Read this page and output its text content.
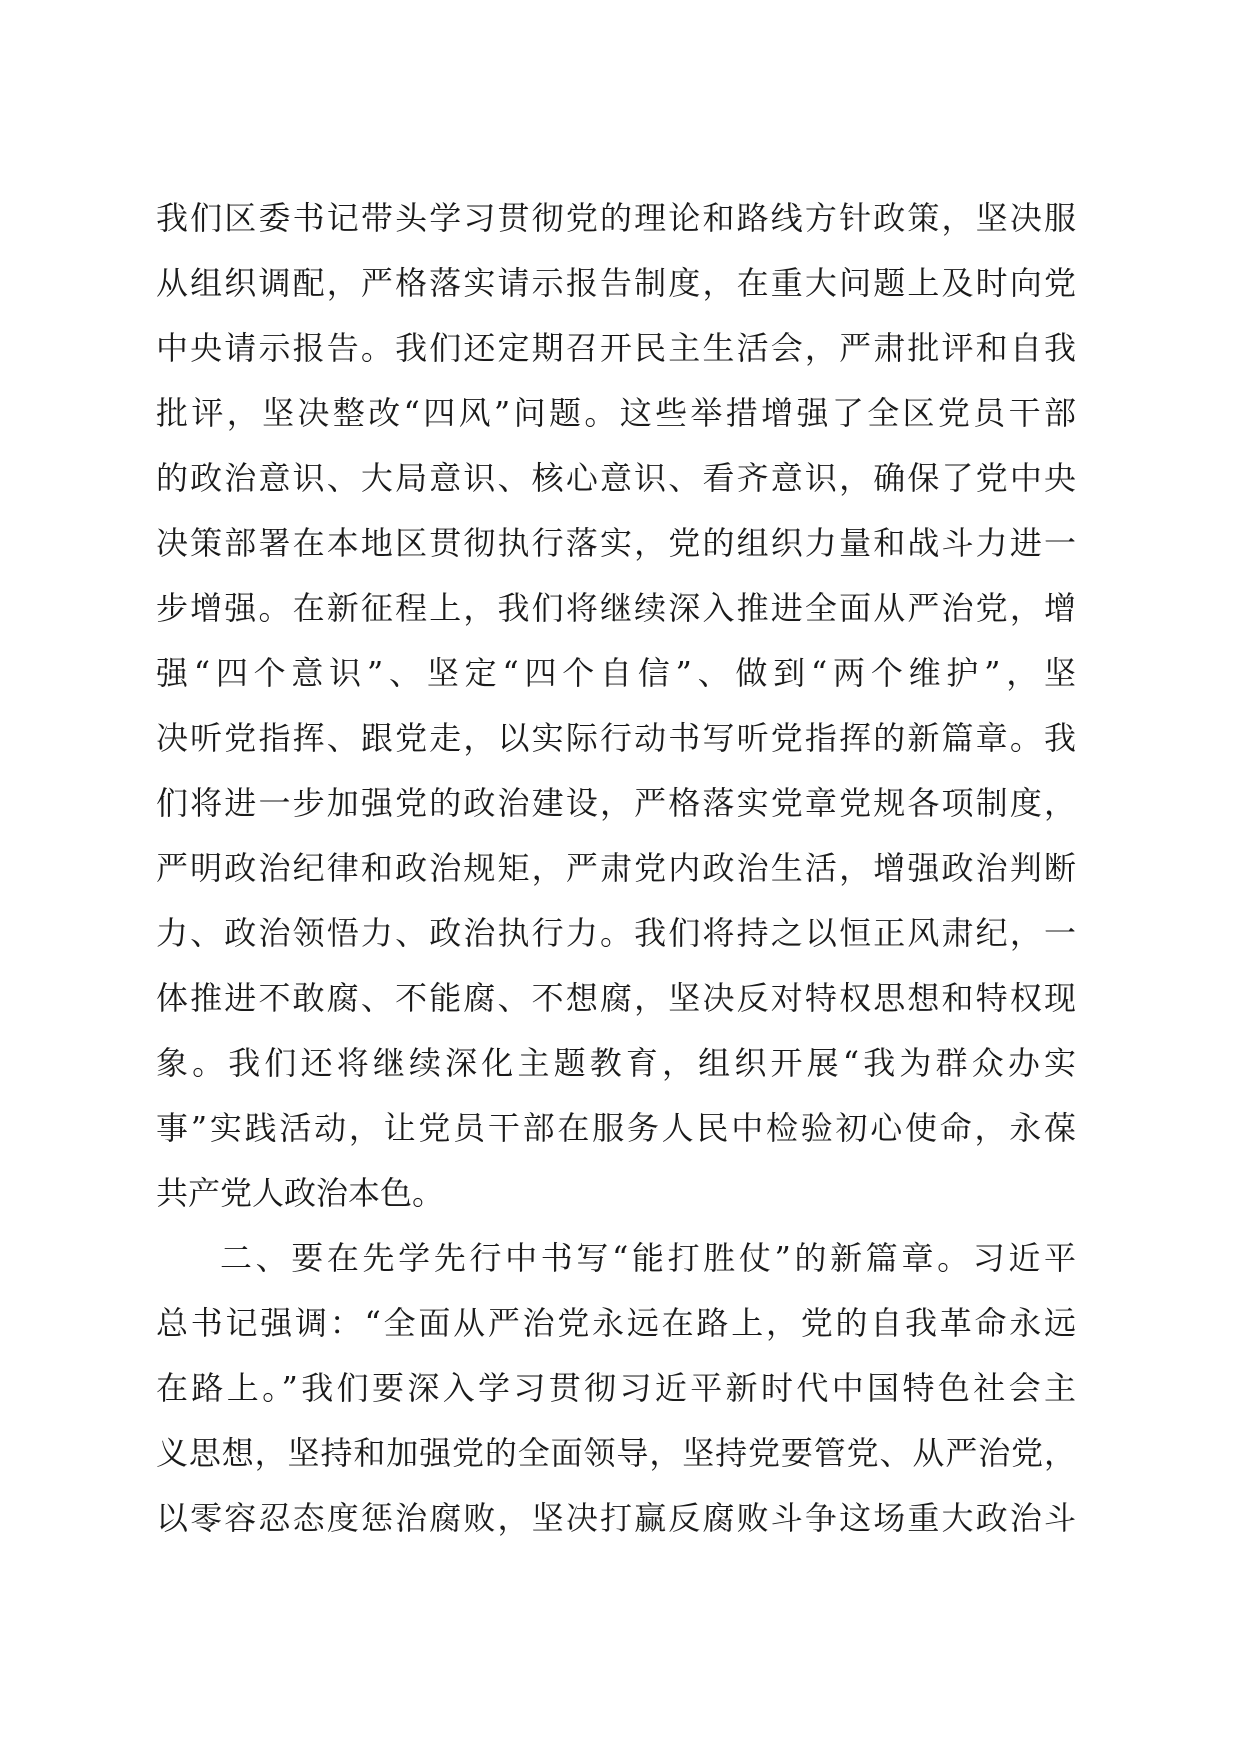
我们区委书记带头学习贯彻党的理论和路线方针政策，坚决服
从组织调配，严格落实请示报告制度，在重大问题上及时向党
中央请示报告。我们还定期召开民主生活会，严肃批评和自我
批评，坚决整改“四风”问题。这些举措增强了全区党员干部
的政治意识、大局意识、核心意识、看齐意识，确保了党中央
决策部署在本地区贯彻执行落实，党的组织力量和战斗力进一
步增强。在新征程上，我们将继续深入推进全面从严治党，增
强“四个意识”、坚定“四个自信”、做到“两个维护”，坚
决听党指挥、跟党走，以实际行动书写听党指挥的新篇章。我
们将进一步加强党的政治建设，严格落实党章党规各项制度，
严明政治纪律和政治规矩，严肃党内政治生活，增强政治判断
力、政治领悟力、政治执行力。我们将持之以恒正风肃纪，一
体推进不敢腐、不能腐、不想腐，坚决反对特权思想和特权现
象。我们还将继续深化主题教育，组织开展“我为群众办实
事”实践活动，让党员干部在服务人民中检验初心使命，永葆
共产党人政治本色。
二、要在先学先行中书写“能打胜仗”的新篇章。习近平
总书记强调：“全面从严治党永远在路上，党的自我革命永远
在路上。”我们要深入学习贯彻习近平新时代中国特色社会主
义思想，坚持和加强党的全面领导，坚持党要管党、从严治党，
以零容忍态度惩治腐败，坚决打赢反腐败斗争这场重大政治斗
